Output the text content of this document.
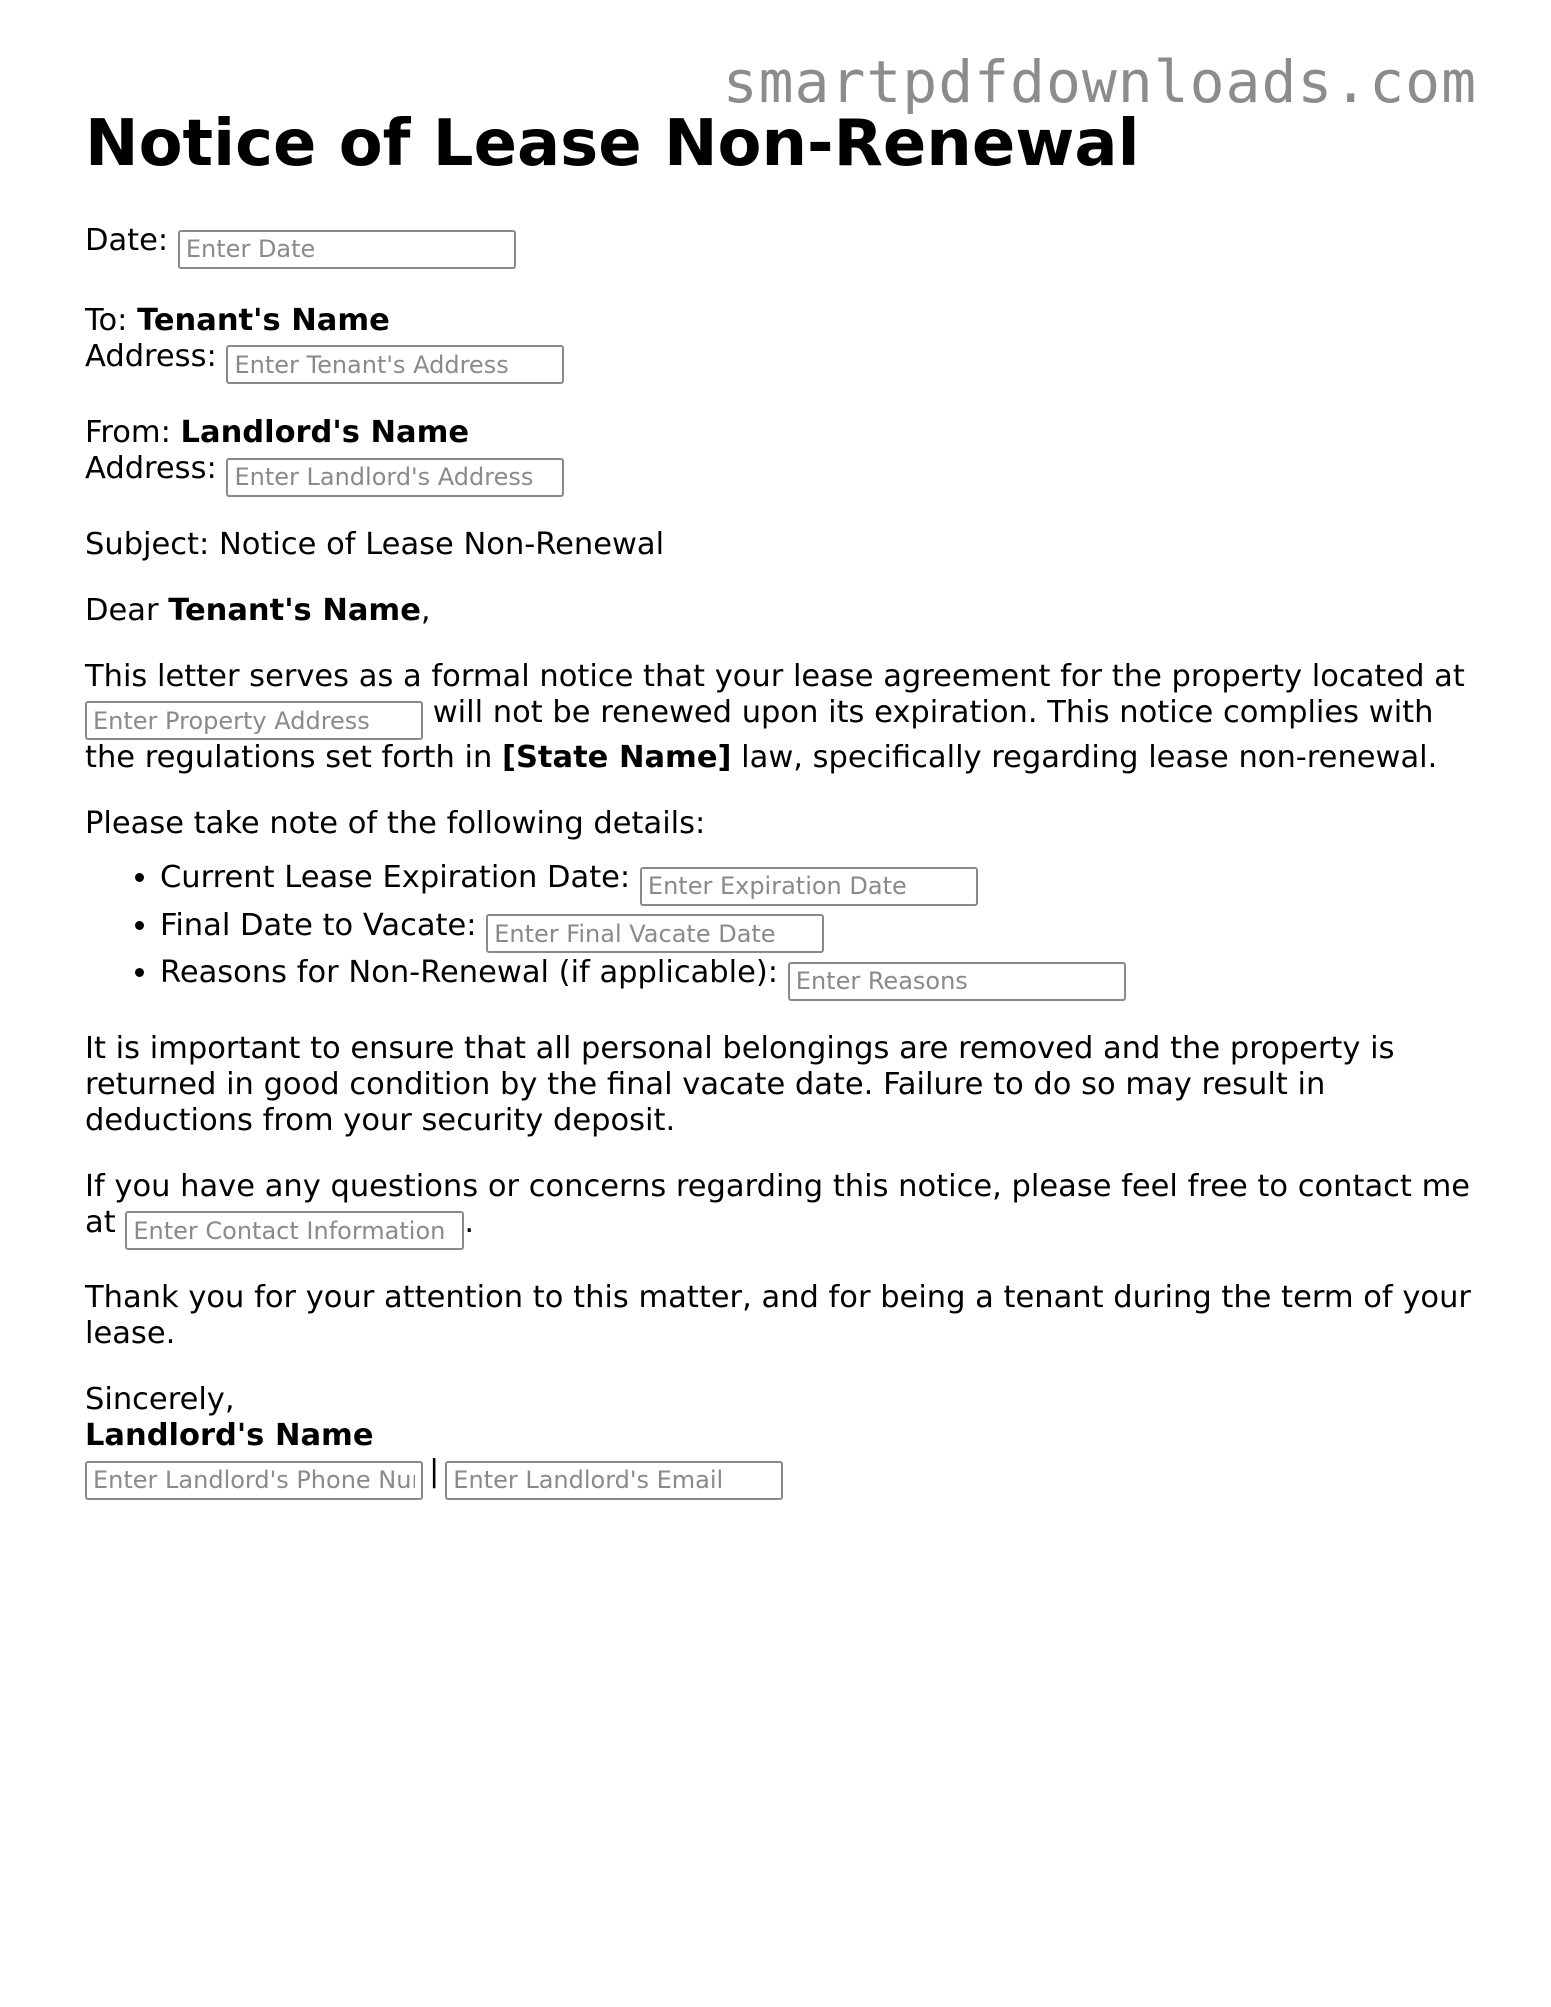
smartpdfdownloads.com
Notice of Lease Non-Renewal

Date: Enter Date

To: Tenant's Name

Address: Enter Tenant's Address

From: Landlord's Name

Address: Enter Landlord's Address

Subject: Notice of Lease Non-Renewal

Dear Tenant's Name,

This letter serves as a formal notice that your lease agreement for the property located at Enter Property Address will not be renewed upon its expiration. This notice complies with the regulations set forth in [State Name] law, specifically regarding lease non-renewal.

Please take note of the following details:

• Current Lease Expiration Date: Enter Expiration Date
• Final Date to Vacate: Enter Final Vacate Date
• Reasons for Non-Renewal (if applicable): Enter Reasons

It is important to ensure that all personal belongings are removed and the property is returned in good condition by the final vacate date. Failure to do so may result in deductions from your security deposit.

If you have any questions or concerns regarding this notice, please feel free to contact me at Enter Contact Information	.

Thank you for your attention to this matter, and for being a tenant during the term of your lease.

Sincerely,

Landlord's Name

Enter Landlord's Phone Number|Enter Landlord's Email
